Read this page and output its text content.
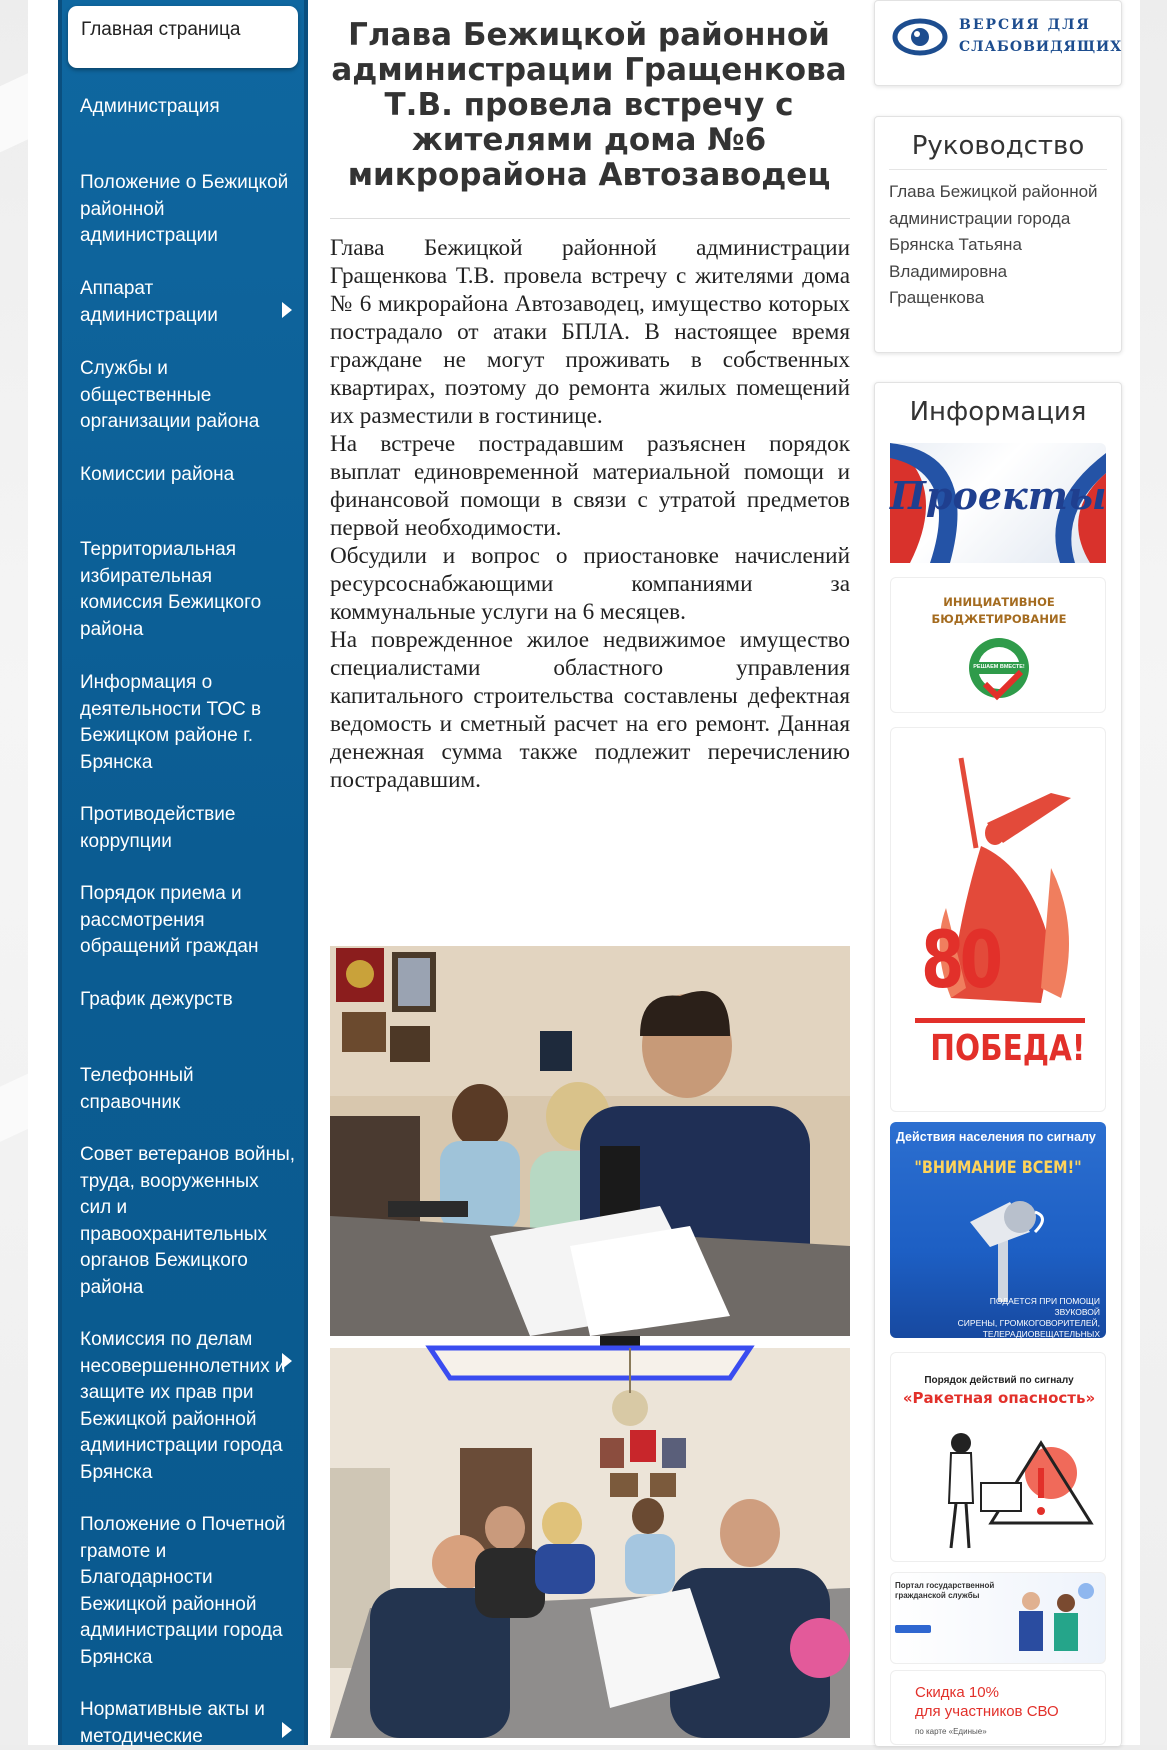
Главная страница
Администрация
Положение о Бежицкой районной администрации
Аппарат администрации
Службы и общественные организации района
Комиссии района
Территориальная избирательная комиссия Бежицкого района
Информация о деятельности ТОС в Бежицком районе г. Брянска
Противодействие коррупции
Порядок приема и рассмотрения обращений граждан
График дежурств
Телефонный справочник
Совет ветеранов войны, труда, вооруженных сил и правоохранительных органов Бежицкого района
Комиссия по делам несовершеннолетних и защите их прав при Бежицкой районной администрации города Брянска
Положение о Почетной грамоте и Благодарности Бежицкой районной администрации города Брянска
Нормативные акты и методические
Глава Бежицкой районной администрации Гращенкова Т.В. провела встречу с жителями дома №6 микрорайона Автозаводец

Глава Бежицкой районной администрации Гращенкова Т.В. провела встречу с жителями дома № 6 микрорайона Автозаводец, имущество которых пострадало от атаки БПЛА. В настоящее время граждане не могут проживать в собственных квартирах, поэтому до ремонта жилых помещений их разместили в гостинице.

На встрече пострадавшим разъяснен порядок выплат единовременной материальной помощи и финансовой помощи в связи с утратой предметов первой необходимости.

Обсудили и вопрос о приостановке начислений ресурсоснабжающими компаниями за коммунальные услуги на 6 месяцев.

На поврежденное жилое недвижимое имущество специалистами областного управления капитального строительства составлены дефектная ведомость и сметный расчет на его ремонт. Данная денежная сумма также подлежит перечислению пострадавшим.

ВЕРСИЯ ДЛЯ
СЛАБОВИДЯЩИХ
Руководство
Глава Бежицкой районной администрации города Брянска Татьяна Владимировна Гращенкова
Информация
Проекты
ИНИЦИАТИВНОЕ
БЮДЖЕТИРОВАНИЕ
РЕШАЕМ ВМЕСТЕ!
80
ПОБЕДА!
Действия населения по сигналу
"ВНИМАНИЕ ВСЕМ!"
ПОДАЕТСЯ ПРИ ПОМОЩИ ЗВУКОВОЙ
СИРЕНЫ, ГРОМКОГОВОРИТЕЛЕЙ,
ТЕЛЕРАДИОВЕЩАТЕЛЬНЫХ СИСТЕМ
Порядок действий по сигналу
«Ракетная опасность»
Портал государственной гражданской службы
Скидка 10%
для участников СВО
по карте «Единые»
